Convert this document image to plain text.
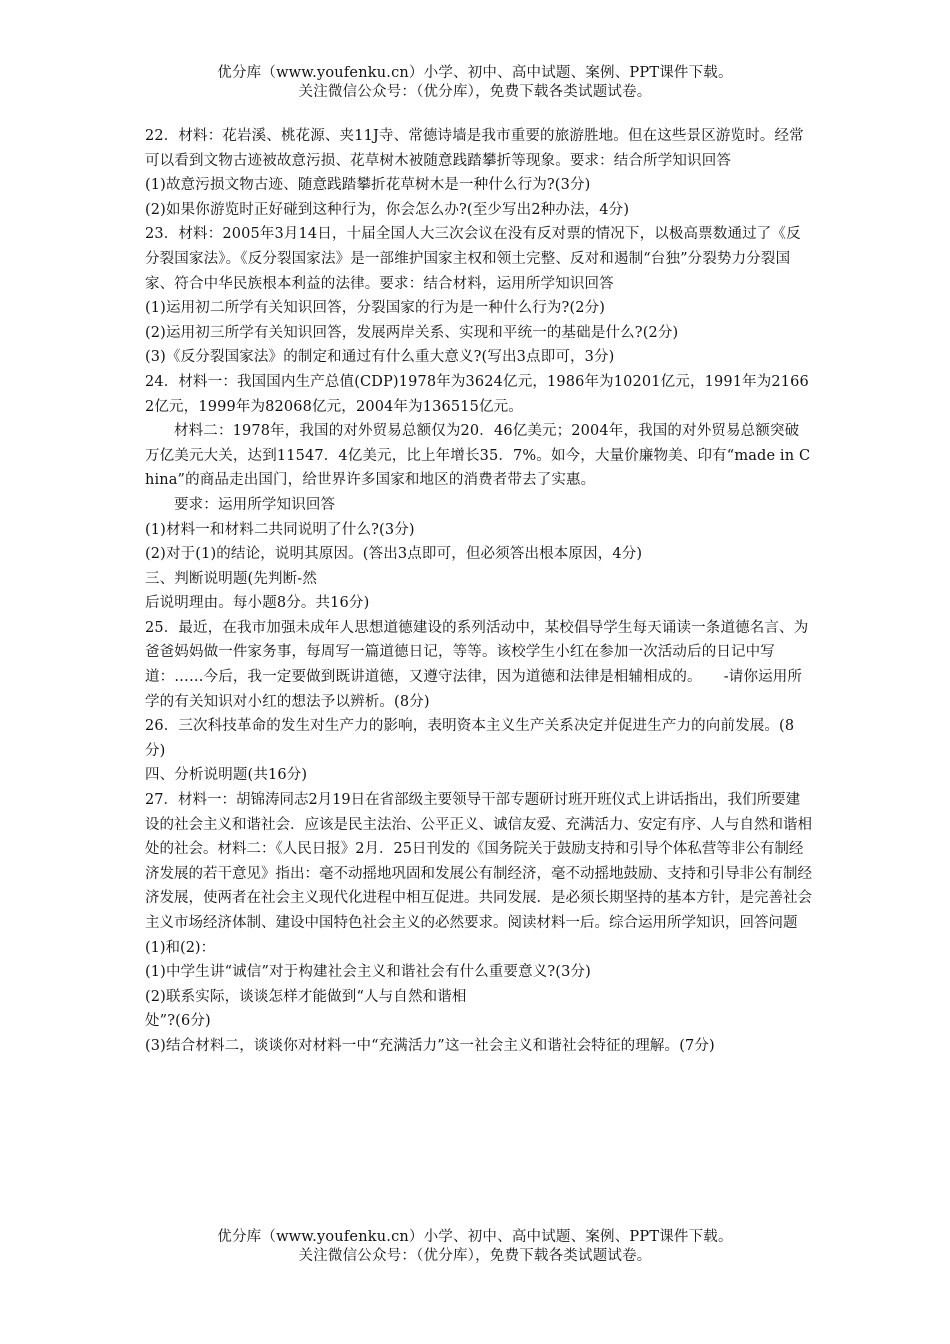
优分库（www.youfenku.cn）小学、初中、高中试题、案例、PPT课件下载。
关注微信公众号：（优分库），免费下载各类试题试卷。

22．材料：花岩溪、桃花源、夹11J寺、常德诗墙是我市重要的旅游胜地。但在这些景区游览时。经常可以看到文物古迹被故意污损、花草树木被随意践踏攀折等现象。要求：结合所学知识回答

(1)故意污损文物古迹、随意践踏攀折花草树木是一种什么行为?(3分)

(2)如果你游览时正好碰到这种行为，你会怎么办?(至少写出2种办法，4分)

23．材料：2005年3月14日，十届全国人大三次会议在没有反对票的情况下，以极高票数通过了《反分裂国家法》。《反分裂国家法》是一部维护国家主权和领土完整、反对和遏制“台独”分裂势力分裂国家、符合中华民族根本利益的法律。要求：结合材料，运用所学知识回答

(1)运用初二所学有关知识回答，分裂国家的行为是一种什么行为?(2分)

(2)运用初三所学有关知识回答，发展两岸关系、实现和平统一的基础是什么?(2分)

(3)《反分裂国家法》的制定和通过有什么重大意义?(写出3点即可，3分)

24．材料一：我国国内生产总值(CDP)1978年为3624亿元，1986年为10201亿元，1991年为21662亿元，1999年为82068亿元，2004年为136515亿元。

材料二：1978年，我国的对外贸易总额仅为20．46亿美元；2004年，我国的对外贸易总额突破万亿美元大关，达到11547．4亿美元，比上年增长35．7%。如今，大量价廉物美、印有“made in China”的商品走出国门，给世界许多国家和地区的消费者带去了实惠。

要求：运用所学知识回答

(1)材料一和材料二共同说明了什么?(3分)

(2)对于(1)的结论，说明其原因。(答出3点即可，但必须答出根本原因，4分)

三、判断说明题(先判断-然

后说明理由。每小题8分。共16分)

25．最近，在我市加强未成年人思想道德建设的系列活动中，某校倡导学生每天诵读一条道德名言、为爸爸妈妈做一件家务事，每周写一篇道德日记，等等。该校学生小红在参加一次活动后的日记中写道：……今后，我一定要做到既讲道德，又遵守法律，因为道德和法律是相辅相成的。　　-请你运用所学的有关知识对小红的想法予以辨析。(8分)

26．三次科技革命的发生对生产力的影响，表明资本主义生产关系决定并促进生产力的向前发展。(8分)

四、分析说明题(共16分)

27．材料一：胡锦涛同志2月19日在省部级主要领导干部专题研讨班开班仪式上讲话指出，我们所要建设的社会主义和谐社会．应该是民主法治、公平正义、诚信友爱、充满活力、安定有序、人与自然和谐相处的社会。材料二：《人民日报》2月．25日刊发的《国务院关于鼓励支持和引导个体私营等非公有制经济发展的若干意见》指出：毫不动摇地巩固和发展公有制经济，毫不动摇地鼓励、支持和引导非公有制经济发展，使两者在社会主义现代化进程中相互促进。共同发展．是必须长期坚持的基本方针，是完善社会主义市场经济体制、建设中国特色社会主义的必然要求。阅读材料一后。综合运用所学知识，回答问题(1)和(2)：

(1)中学生讲“诚信”对于构建社会主义和谐社会有什么重要意义?(3分)

(2)联系实际，谈谈怎样才能做到“人与自然和谐相

处”?(6分)

(3)结合材料二，谈谈你对材料一中“充满活力”这一社会主义和谐社会特征的理解。(7分)

优分库（www.youfenku.cn）小学、初中、高中试题、案例、PPT课件下载。
关注微信公众号：（优分库），免费下载各类试题试卷。
